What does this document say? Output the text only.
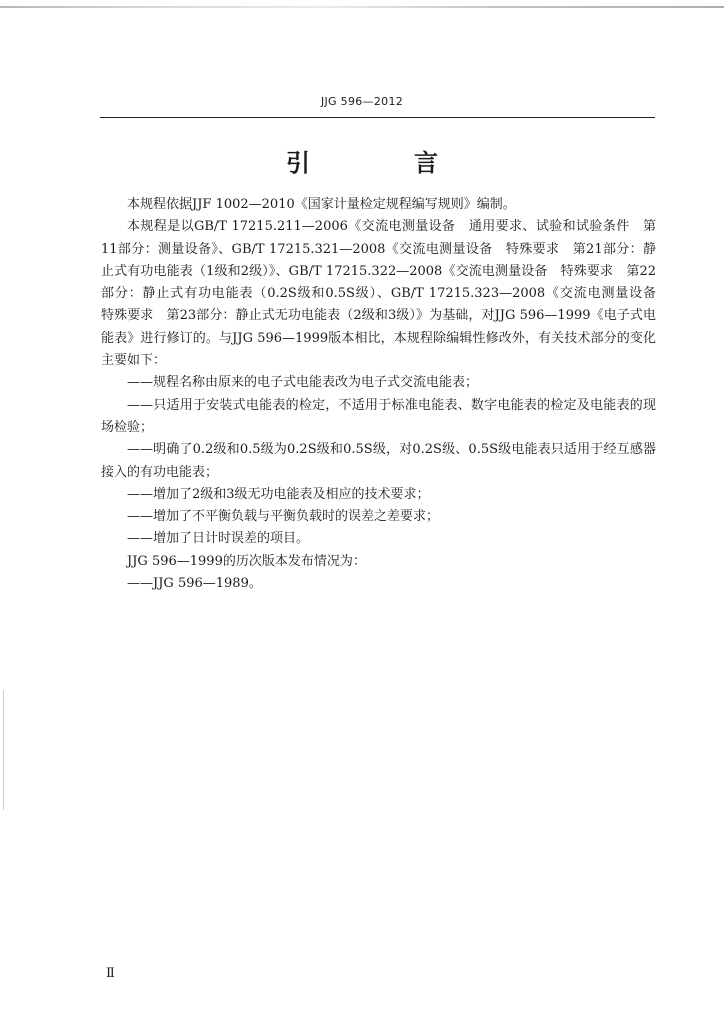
JJG 596—2012
引　言

本规程依据JJF 1002—2010《国家计量检定规程编写规则》编制。

本规程是以GB/T 17215.211—2006《交流电测量设备　通用要求、试验和试验条件　第11部分：测量设备》、GB/T 17215.321—2008《交流电测量设备　特殊要求　第21部分：静止式有功电能表（1级和2级）》、GB/T 17215.322—2008《交流电测量设备　特殊要求　第22部分：静止式有功电能表（0.2S级和0.5S级）、GB/T 17215.323—2008《交流电测量设备　特殊要求　第23部分：静止式无功电能表（2级和3级）》为基础，对JJG 596—1999《电子式电能表》进行修订的。与JJG 596—1999版本相比，本规程除编辑性修改外，有关技术部分的变化主要如下：

——规程名称由原来的电子式电能表改为电子式交流电能表；

——只适用于安装式电能表的检定，不适用于标准电能表、数字电能表的检定及电能表的现场检验；

——明确了0.2级和0.5级为0.2S级和0.5S级，对0.2S级、0.5S级电能表只适用于经互感器接入的有功电能表；

——增加了2级和3级无功电能表及相应的技术要求；

——增加了不平衡负载与平衡负载时的误差之差要求；

——增加了日计时误差的项目。

JJG 596—1999的历次版本发布情况为：

——JJG 596—1989。

Ⅱ
